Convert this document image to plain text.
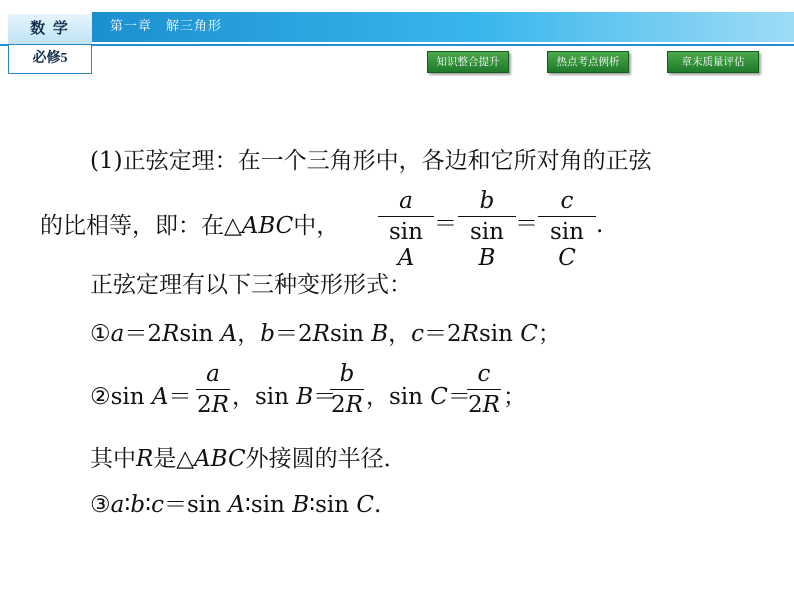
数 学
必修5
第一章　解三角形
知识整合提升	热点考点例析	章末质量评估
(1)正弦定理：在一个三角形中，各边和它所对角的正弦
的比相等，即：在△ABC中，
a
sin A
＝
b
sin B
＝
c
sin C
.
正弦定理有以下三种变形形式：
①a＝2Rsin A，b＝2Rsin B，c＝2Rsin C；
②sin A＝
a
2R ，sin B＝
b
2R ，sin C＝
c
2R ；
其中R是△ABC外接圆的半径．
③a∶b∶c＝sin A∶sin B∶sin C.
